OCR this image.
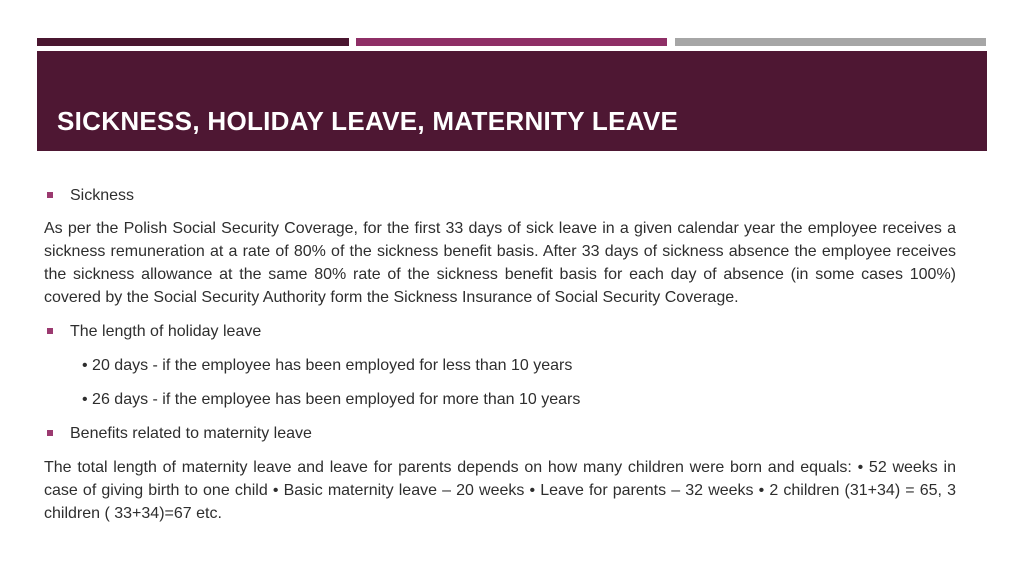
SICKNESS, HOLIDAY LEAVE, MATERNITY LEAVE

Sickness

As per the Polish Social Security Coverage, for the first 33 days of sick leave in a given calendar year the employee receives a sickness remuneration at a rate of 80% of the sickness benefit basis. After 33 days of sickness absence the employee receives the sickness allowance at the same 80% rate of the sickness benefit basis for each day of absence (in some cases 100%) covered by the Social Security Authority form the Sickness Insurance of Social Security Coverage.

The length of holiday leave

• 20 days - if the employee has been employed for less than 10 years

• 26 days - if the employee has been employed for more than 10 years

Benefits related to maternity leave

The total length of maternity leave and leave for parents depends on how many children were born and equals: • 52 weeks in case of giving birth to one child • Basic maternity leave – 20 weeks • Leave for parents – 32 weeks • 2 children (31+34) = 65, 3 children ( 33+34)=67 etc.
